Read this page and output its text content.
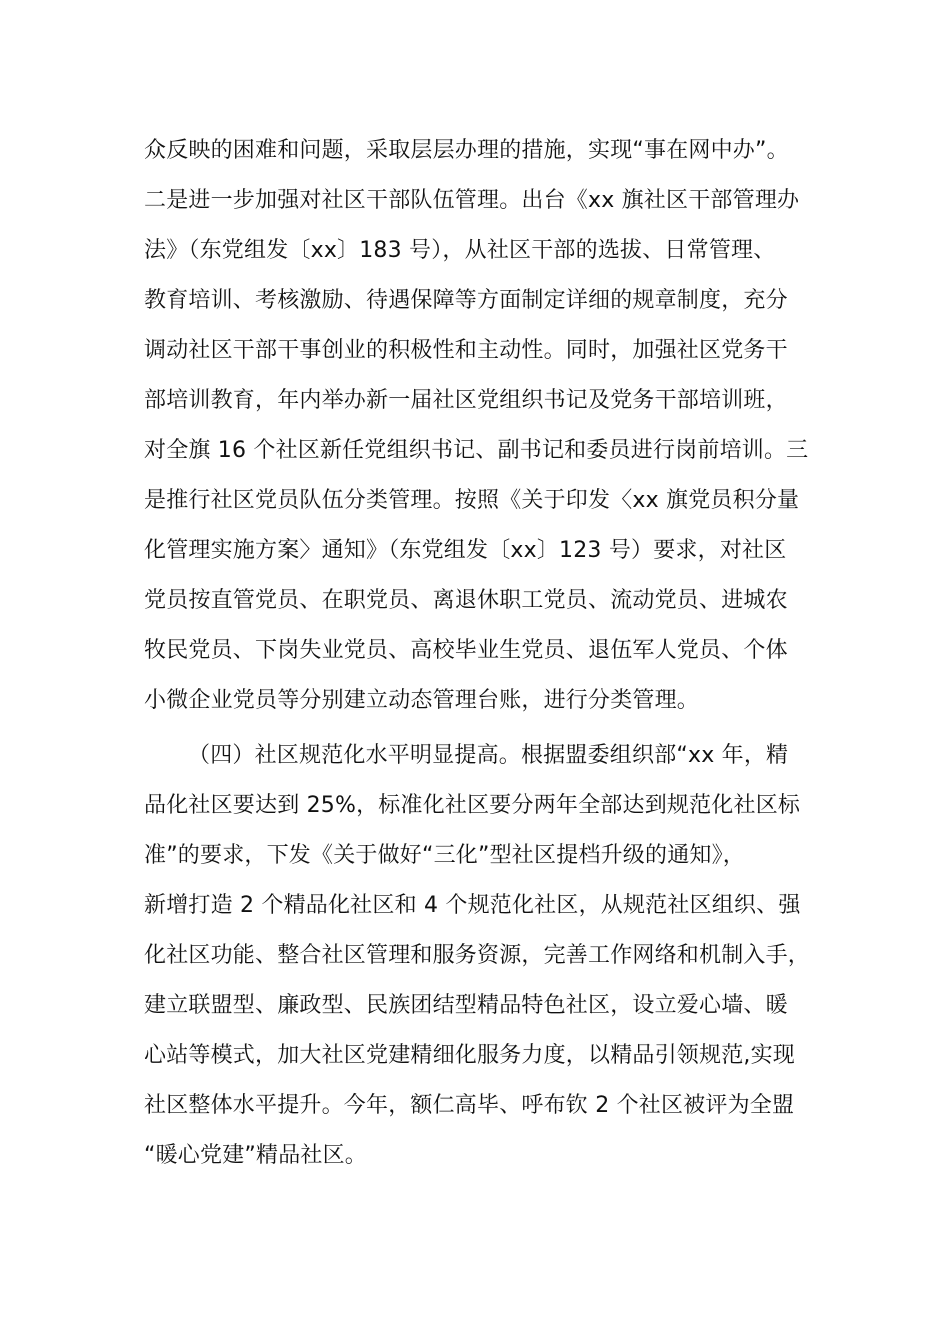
众反映的困难和问题，采取层层办理的措施，实现“事在网中办”。
二是进一步加强对社区干部队伍管理。出台《xx 旗社区干部管理办
法》（东党组发〔xx〕183 号），从社区干部的选拔、日常管理、
教育培训、考核激励、待遇保障等方面制定详细的规章制度，充分
调动社区干部干事创业的积极性和主动性。同时，加强社区党务干
部培训教育，年内举办新一届社区党组织书记及党务干部培训班，
对全旗 16 个社区新任党组织书记、副书记和委员进行岗前培训。三
是推行社区党员队伍分类管理。按照《关于印发〈xx 旗党员积分量
化管理实施方案〉通知》（东党组发〔xx〕123 号）要求，对社区
党员按直管党员、在职党员、离退休职工党员、流动党员、进城农
牧民党员、下岗失业党员、高校毕业生党员、退伍军人党员、个体
小微企业党员等分别建立动态管理台账，进行分类管理。
（四）社区规范化水平明显提高。根据盟委组织部“xx 年，精
品化社区要达到 25%，标准化社区要分两年全部达到规范化社区标
准”的要求，下发《关于做好“三化”型社区提档升级的通知》，
新增打造 2 个精品化社区和 4 个规范化社区，从规范社区组织、强
化社区功能、整合社区管理和服务资源，完善工作网络和机制入手，
建立联盟型、廉政型、民族团结型精品特色社区，设立爱心墙、暖
心站等模式，加大社区党建精细化服务力度，以精品引领规范,实现
社区整体水平提升。今年，额仁高毕、呼布钦 2 个社区被评为全盟
“暖心党建”精品社区。
